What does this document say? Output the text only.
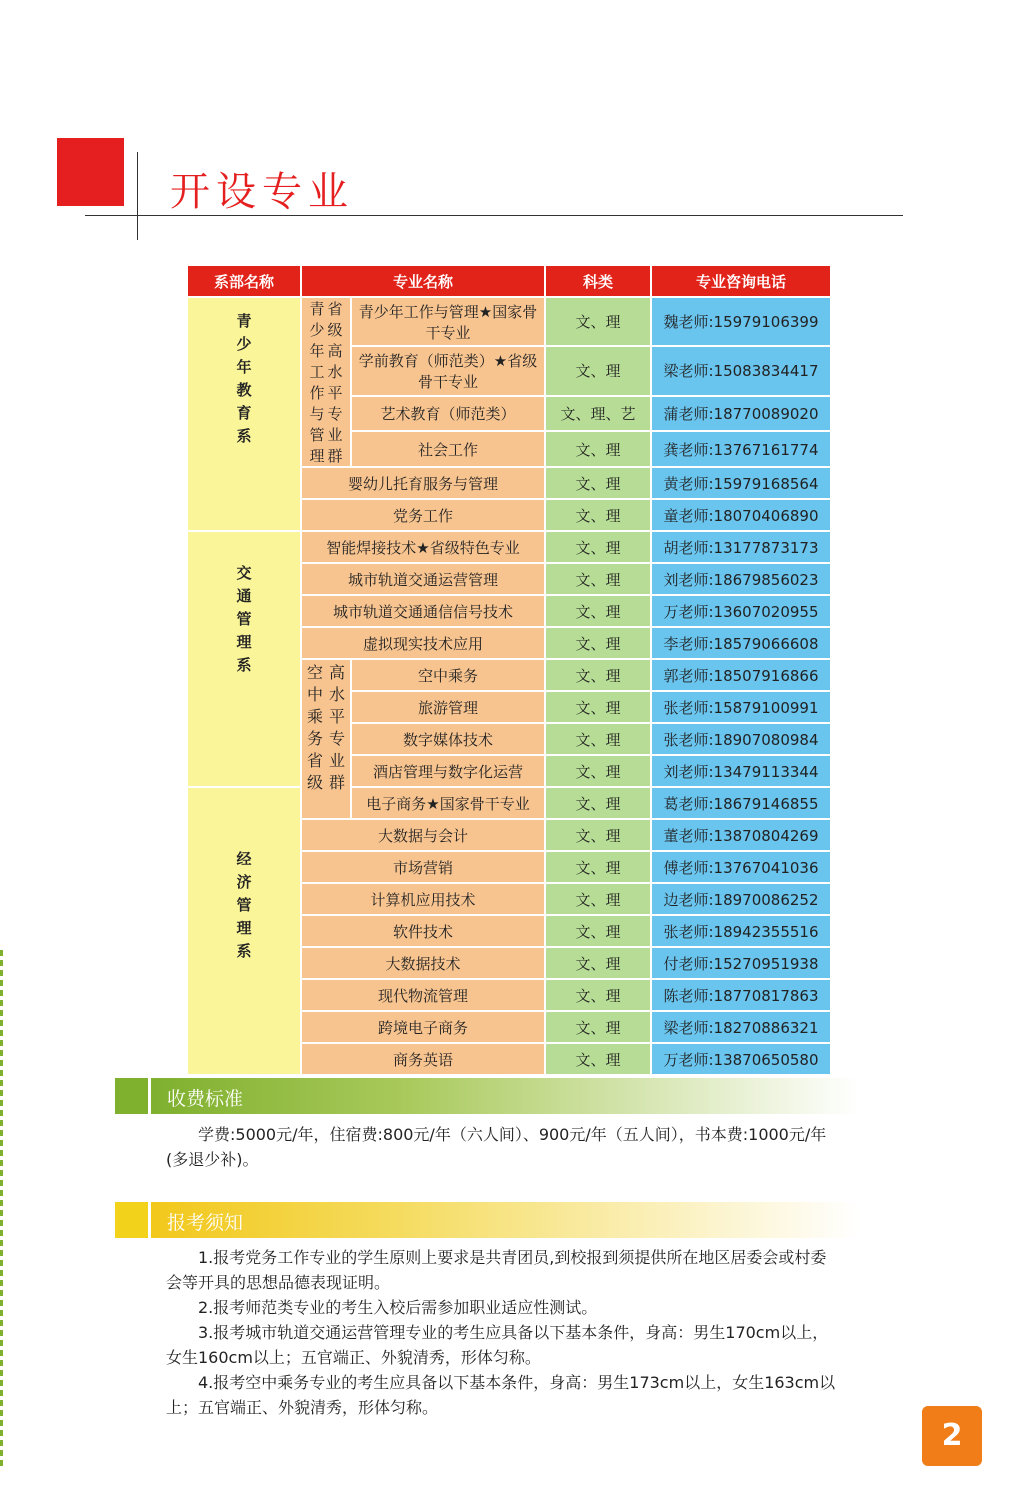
开设专业
系部名称	专业名称		科类	专业咨询电话
青少年教育系	青少年工作与管理省级高水平专业群	青少年工作与管理★国家骨干专业	文、理	魏老师:15979106399
		学前教育（师范类）★省级骨干专业	文、理	梁老师:15083834417
		艺术教育（师范类）	文、理、艺	蒲老师:18770089020
		社会工作	文、理	龚老师:13767161774
	婴幼儿托育服务与管理		文、理	黄老师:15979168564
	党务工作		文、理	童老师:18070406890
交通管理系	智能焊接技术★省级特色专业		文、理	胡老师:13177873173
	城市轨道交通运营管理		文、理	刘老师:18679856023
	城市轨道交通通信信号技术		文、理	万老师:13607020955
	虚拟现实技术应用		文、理	李老师:18579066608
	空中乘务省级高水平专业群	空中乘务	文、理	郭老师:18507916866
		旅游管理	文、理	张老师:15879100991
		数字媒体技术	文、理	张老师:18907080984
		酒店管理与数字化运营	文、理	刘老师:13479113344
经济管理系		电子商务★国家骨干专业	文、理	葛老师:18679146855
	大数据与会计		文、理	董老师:13870804269
	市场营销		文、理	傅老师:13767041036
	计算机应用技术		文、理	边老师:18970086252
	软件技术		文、理	张老师:18942355516
	大数据技术		文、理	付老师:15270951938
	现代物流管理		文、理	陈老师:18770817863
	跨境电子商务		文、理	梁老师:18270886321
	商务英语		文、理	万老师:13870650580
收费标准

学费:5000元/年，住宿费:800元/年（六人间）、900元/年（五人间），书本费:1000元/年(多退少补)。

报考须知

1.报考党务工作专业的学生原则上要求是共青团员,到校报到须提供所在地区居委会或村委会等开具的思想品德表现证明。

2.报考师范类专业的考生入校后需参加职业适应性测试。

3.报考城市轨道交通运营管理专业的考生应具备以下基本条件，身高：男生170cm以上，女生160cm以上；五官端正、外貌清秀，形体匀称。

4.报考空中乘务专业的考生应具备以下基本条件，身高：男生173cm以上，女生163cm以上；五官端正、外貌清秀，形体匀称。

2
